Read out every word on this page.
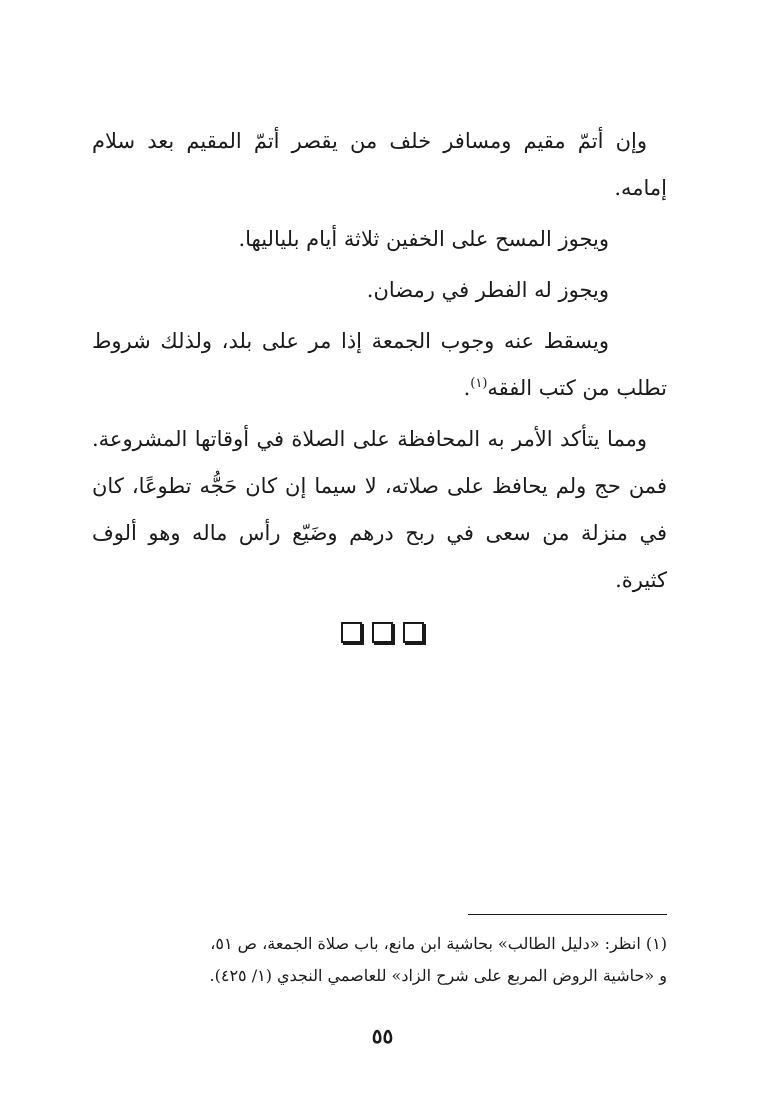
وإن أتمّ مقيم ومسافر خلف من يقصر أتمّ المقيم بعد سلام إمامه.

ويجوز المسح على الخفين ثلاثة أيام بلياليها.

ويجوز له الفطر في رمضان.

ويسقط عنه وجوب الجمعة إذا مر على بلد، ولذلك شروط تطلب من كتب الفقه$^{(١)}$.

ومما يتأكد الأمر به المحافظة على الصلاة في أوقاتها المشروعة. فمن حج ولم يحافظ على صلاته، لا سيما إن كان حَجُّه تطوعًا، كان في منزلة من سعى في ربح درهم وضَيّع رأس ماله وهو ألوف كثيرة.

(١) انظر: «دليل الطالب» بحاشية ابن مانع، باب صلاة الجمعة، ص ٥١،

و «حاشية الروض المربع على شرح الزاد» للعاصمي النجدي (١/ ٤٢٥).

٥٥
